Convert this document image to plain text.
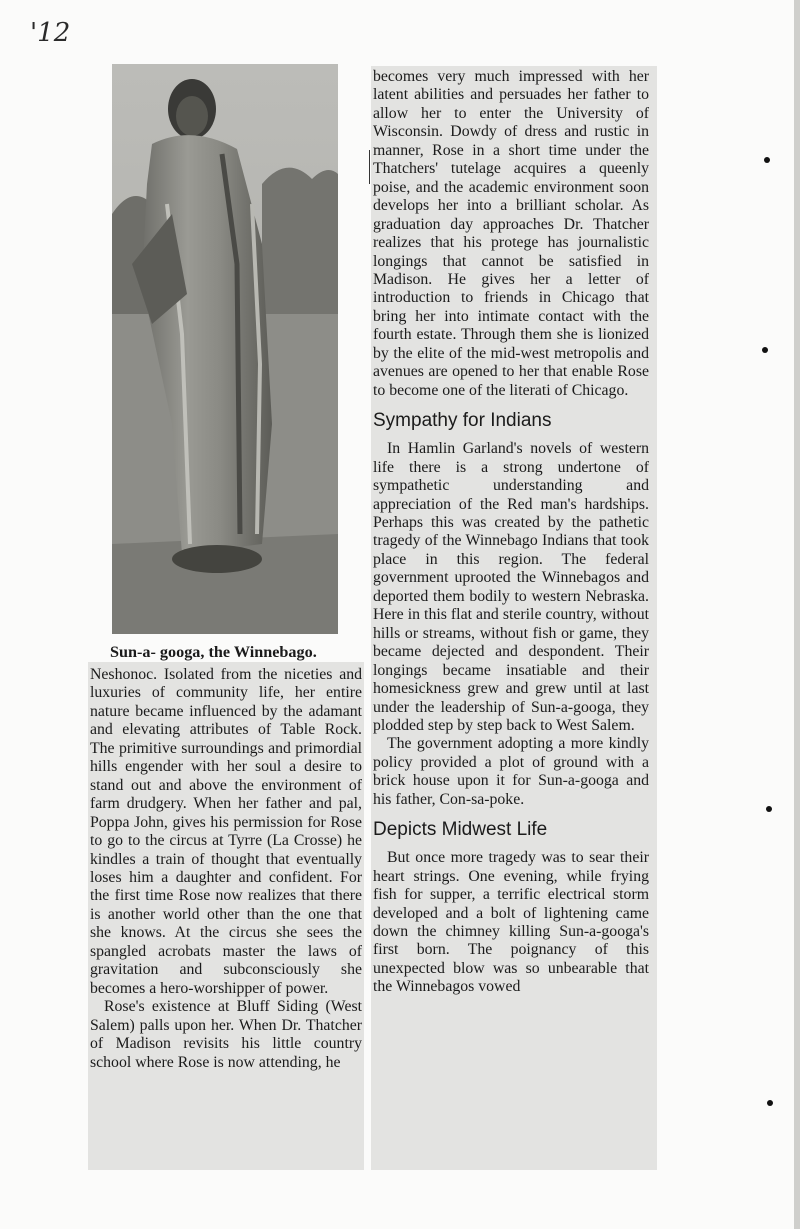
'12
Sun-a- googa, the Winnebago.

Neshonoc. Isolated from the niceties and luxuries of community life, her entire nature became influenced by the adamant and elevating attributes of Table Rock. The primitive surroundings and primordial hills engender with her soul a desire to stand out and above the environment of farm drudgery. When her father and pal, Poppa John, gives his permission for Rose to go to the circus at Tyrre (La Crosse) he kindles a train of thought that eventually loses him a daughter and confident. For the first time Rose now realizes that there is another world other than the one that she knows. At the circus she sees the spangled acrobats master the laws of gravitation and subconsciously she becomes a hero-worshipper of power.

Rose's existence at Bluff Siding (West Salem) palls upon her. When Dr. Thatcher of Madison revisits his little country school where Rose is now attending, he

becomes very much impressed with her latent abilities and persuades her father to allow her to enter the University of Wisconsin. Dowdy of dress and rustic in manner, Rose in a short time under the Thatchers' tutelage acquires a queenly poise, and the academic environment soon develops her into a brilliant scholar. As graduation day approaches Dr. Thatcher realizes that his protege has journalistic longings that cannot be satisfied in Madison. He gives her a letter of introduction to friends in Chicago that bring her into intimate contact with the fourth estate. Through them she is lionized by the elite of the mid-west metropolis and avenues are opened to her that enable Rose to become one of the literati of Chicago.

Sympathy for Indians

In Hamlin Garland's novels of western life there is a strong undertone of sympathetic understanding and appreciation of the Red man's hardships. Perhaps this was created by the pathetic tragedy of the Winnebago Indians that took place in this region. The federal government uprooted the Winnebagos and deported them bodily to western Nebraska. Here in this flat and sterile country, without hills or streams, without fish or game, they became dejected and despondent. Their longings became insatiable and their homesickness grew and grew until at last under the leadership of Sun-a-googa, they plodded step by step back to West Salem.

The government adopting a more kindly policy provided a plot of ground with a brick house upon it for Sun-a-googa and his father, Con-sa-poke.

Depicts Midwest Life

But once more tragedy was to sear their heart strings. One evening, while frying fish for supper, a terrific electrical storm developed and a bolt of lightening came down the chimney killing Sun-a-googa's first born. The poignancy of this unexpected blow was so unbearable that the Winnebagos vowed
